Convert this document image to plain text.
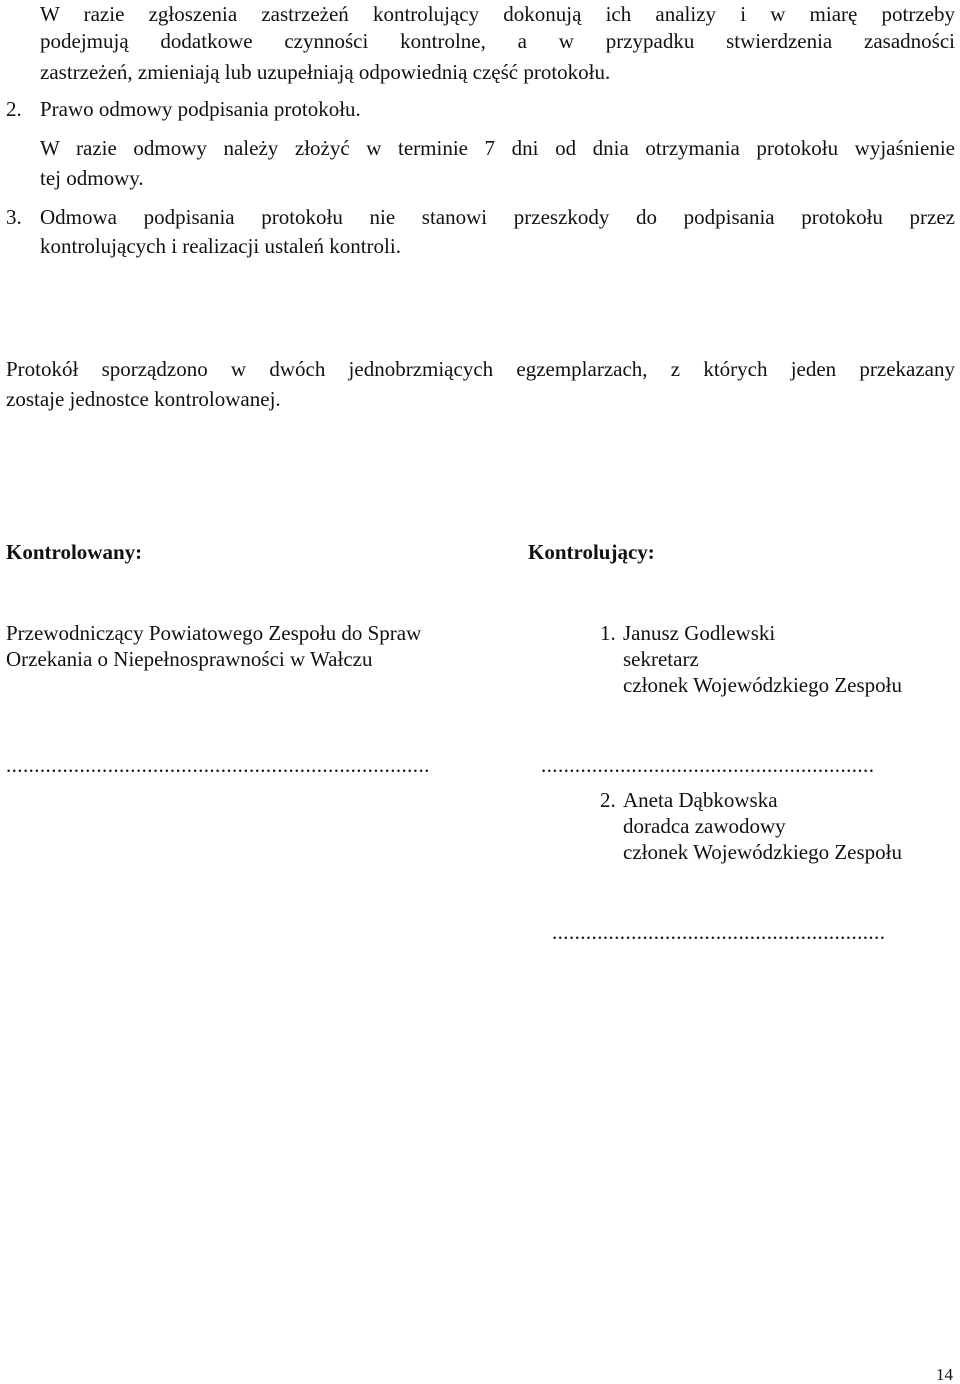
W razie zgłoszenia zastrzeżeń kontrolujący dokonują ich analizy i w miarę potrzeby
podejmują dodatkowe czynności kontrolne, a w przypadku stwierdzenia zasadności
zastrzeżeń, zmieniają lub uzupełniają odpowiednią część protokołu.
2. Prawo odmowy podpisania protokołu.
W razie odmowy należy złożyć w terminie 7 dni od dnia otrzymania protokołu wyjaśnienie
tej odmowy.
3. Odmowa podpisania protokołu nie stanowi przeszkody do podpisania protokołu przez
kontrolujących i realizacji ustaleń kontroli.
Protokół sporządzono w dwóch jednobrzmiących egzemplarzach, z których jeden przekazany
zostaje jednostce kontrolowanej.
Kontrolowany:	Kontrolujący:
Przewodniczący Powiatowego Zespołu do Spraw
Orzekania o Niepełnosprawności w Wałczu
...........................................................................
1. Janusz Godlewski
sekretarz
członek Wojewódzkiego Zespołu
...........................................................
2. Aneta Dąbkowska
doradca zawodowy
członek Wojewódzkiego Zespołu
...........................................................
14
